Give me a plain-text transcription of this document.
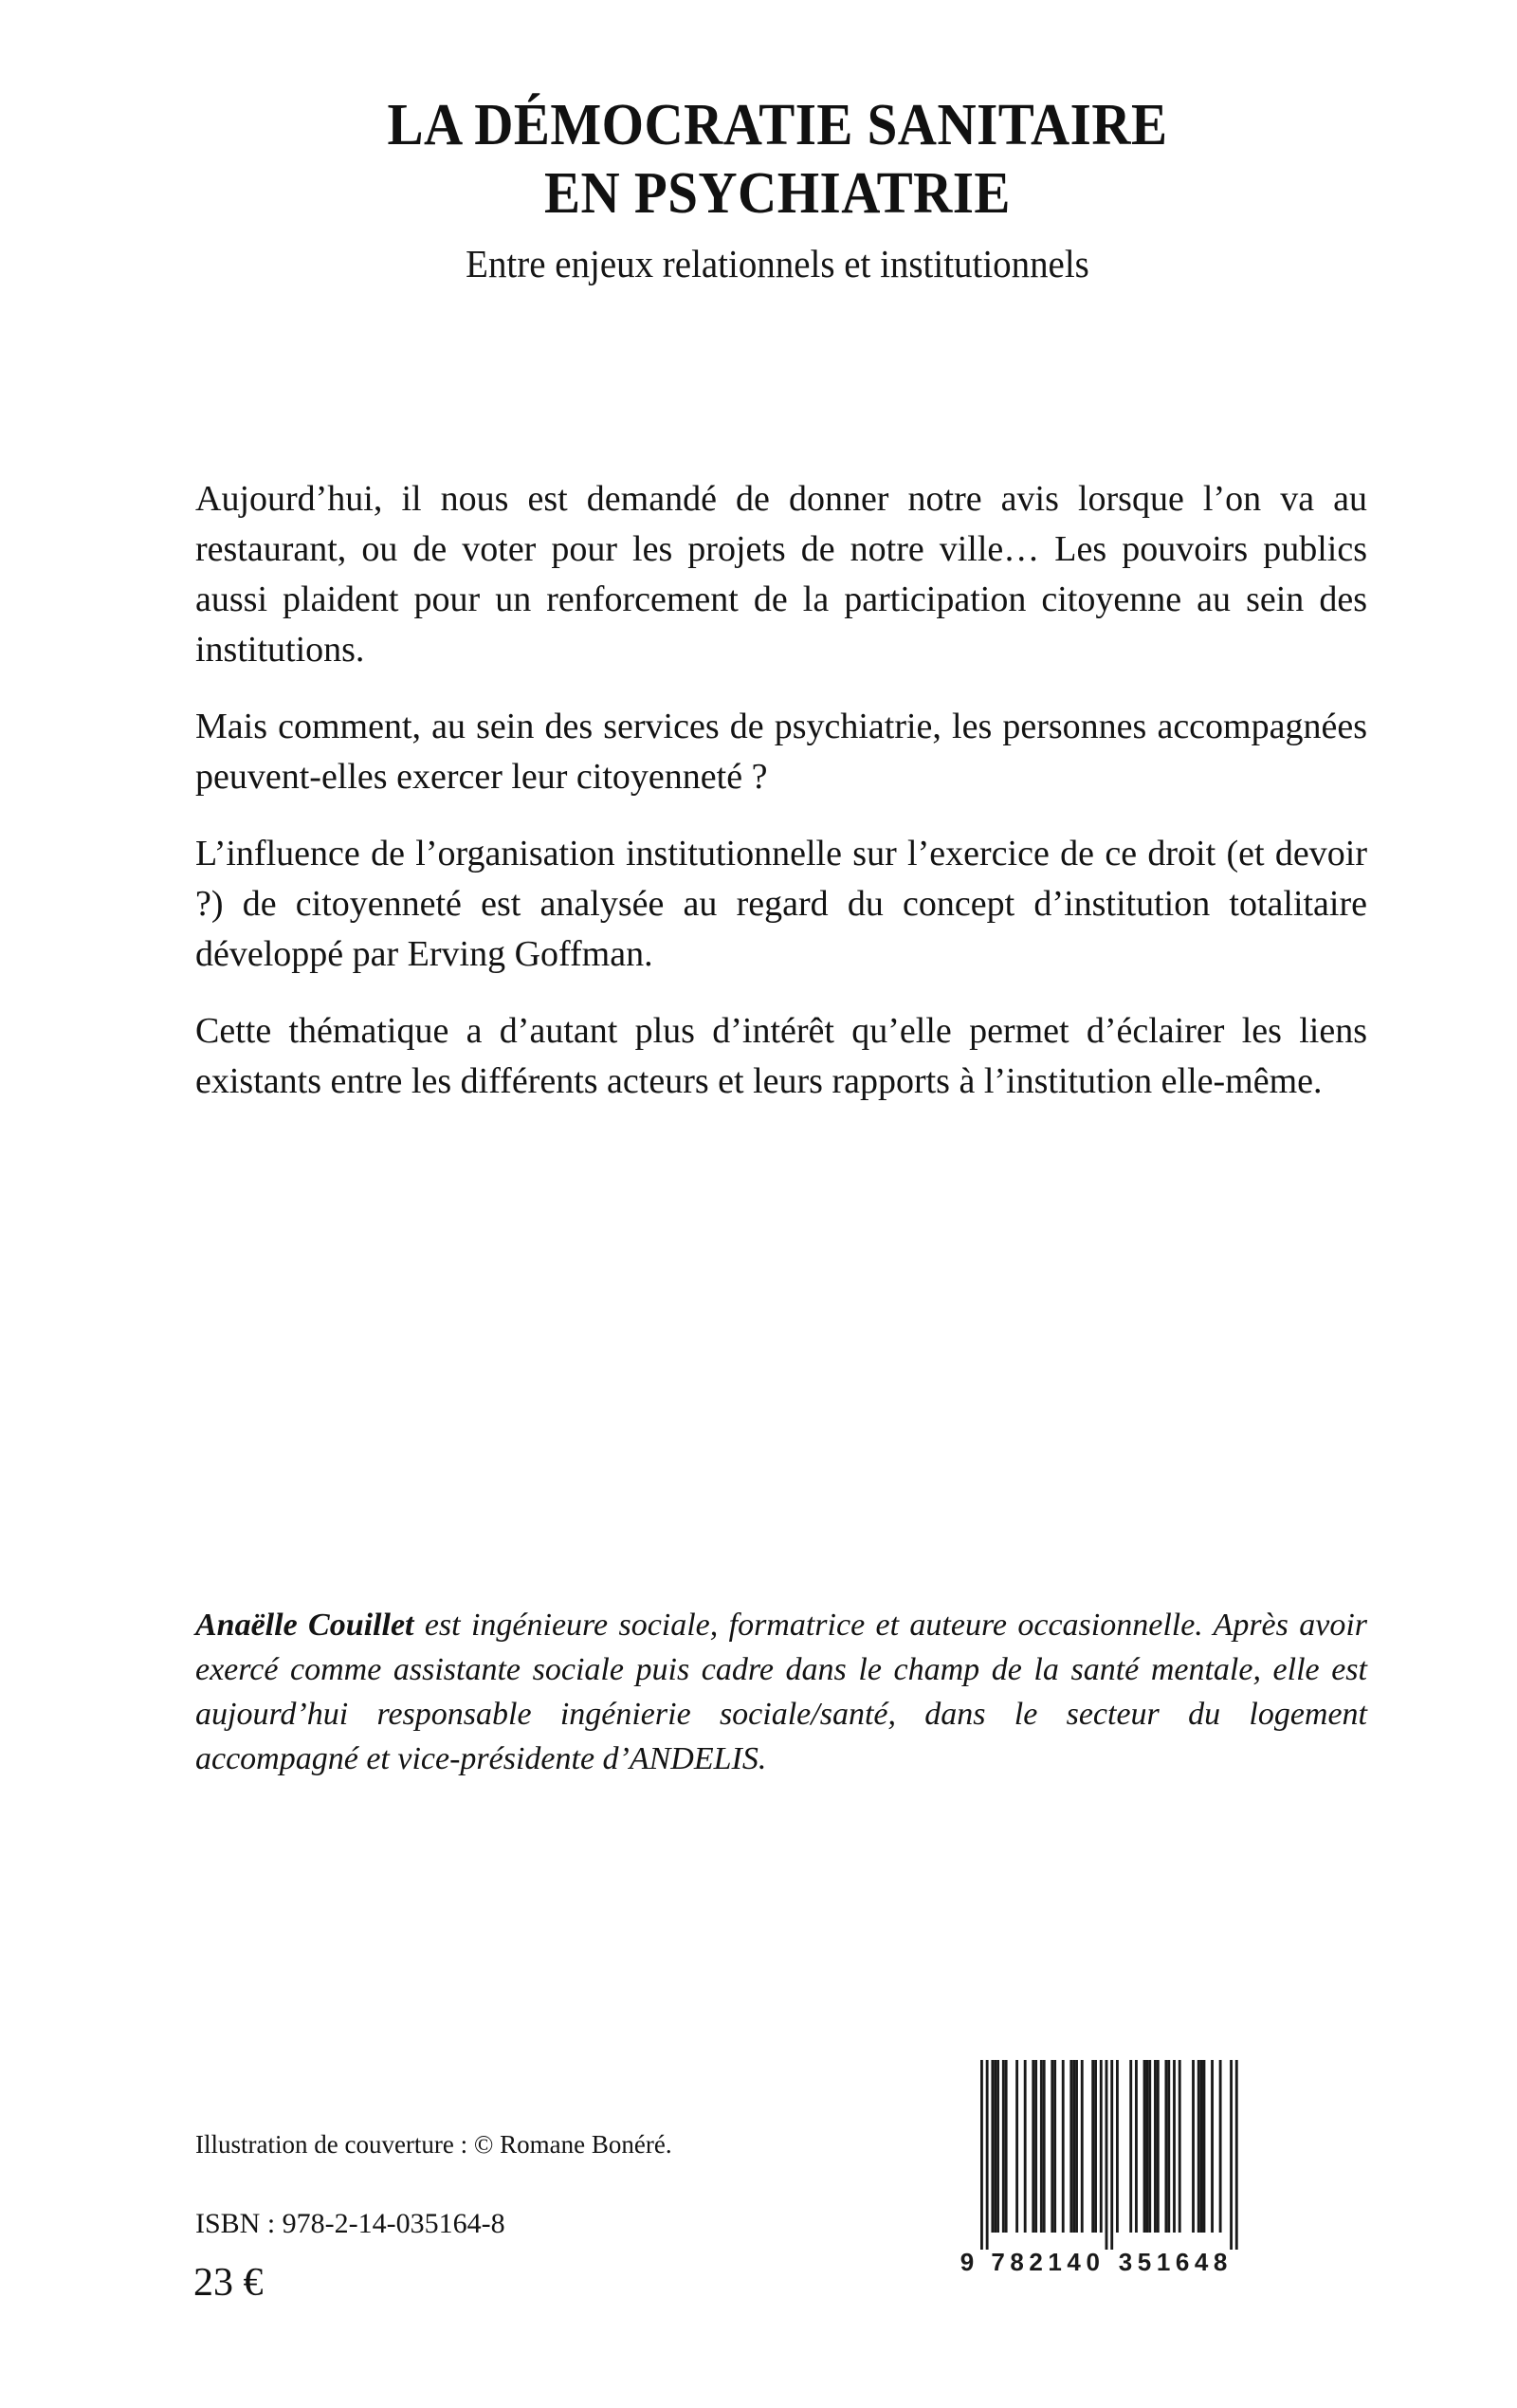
LA DÉMOCRATIE SANITAIRE
EN PSYCHIATRIE
Entre enjeux relationnels et institutionnels

Aujourd’hui, il nous est demandé de donner notre avis lorsque l’on va au restaurant, ou de voter pour les projets de notre ville… Les pouvoirs publics aussi plaident pour un renforcement de la participation citoyenne au sein des institutions.

Mais comment, au sein des services de psychiatrie, les personnes accompagnées peuvent-elles exercer leur citoyenneté ?

L’influence de l’organisation institutionnelle sur l’exercice de ce droit (et devoir ?) de citoyenneté est analysée au regard du concept d’institution totalitaire développé par Erving Goffman.

Cette thématique a d’autant plus d’intérêt qu’elle permet d’éclairer les liens existants entre les différents acteurs et leurs rapports à l’institution elle-même.

Anaëlle Couillet est ingénieure sociale, formatrice et auteure occasionnelle. Après avoir exercé comme assistante sociale puis cadre dans le champ de la santé mentale, elle est aujourd’hui responsable ingénierie sociale/santé, dans le secteur du logement accompagné et vice-présidente d’ANDELIS.

Illustration de couverture : © Romane Bonéré.
ISBN : 978-2-14-035164-8
23 €	9 7 8 2 1 4 0 3 5 1 6 4 8
